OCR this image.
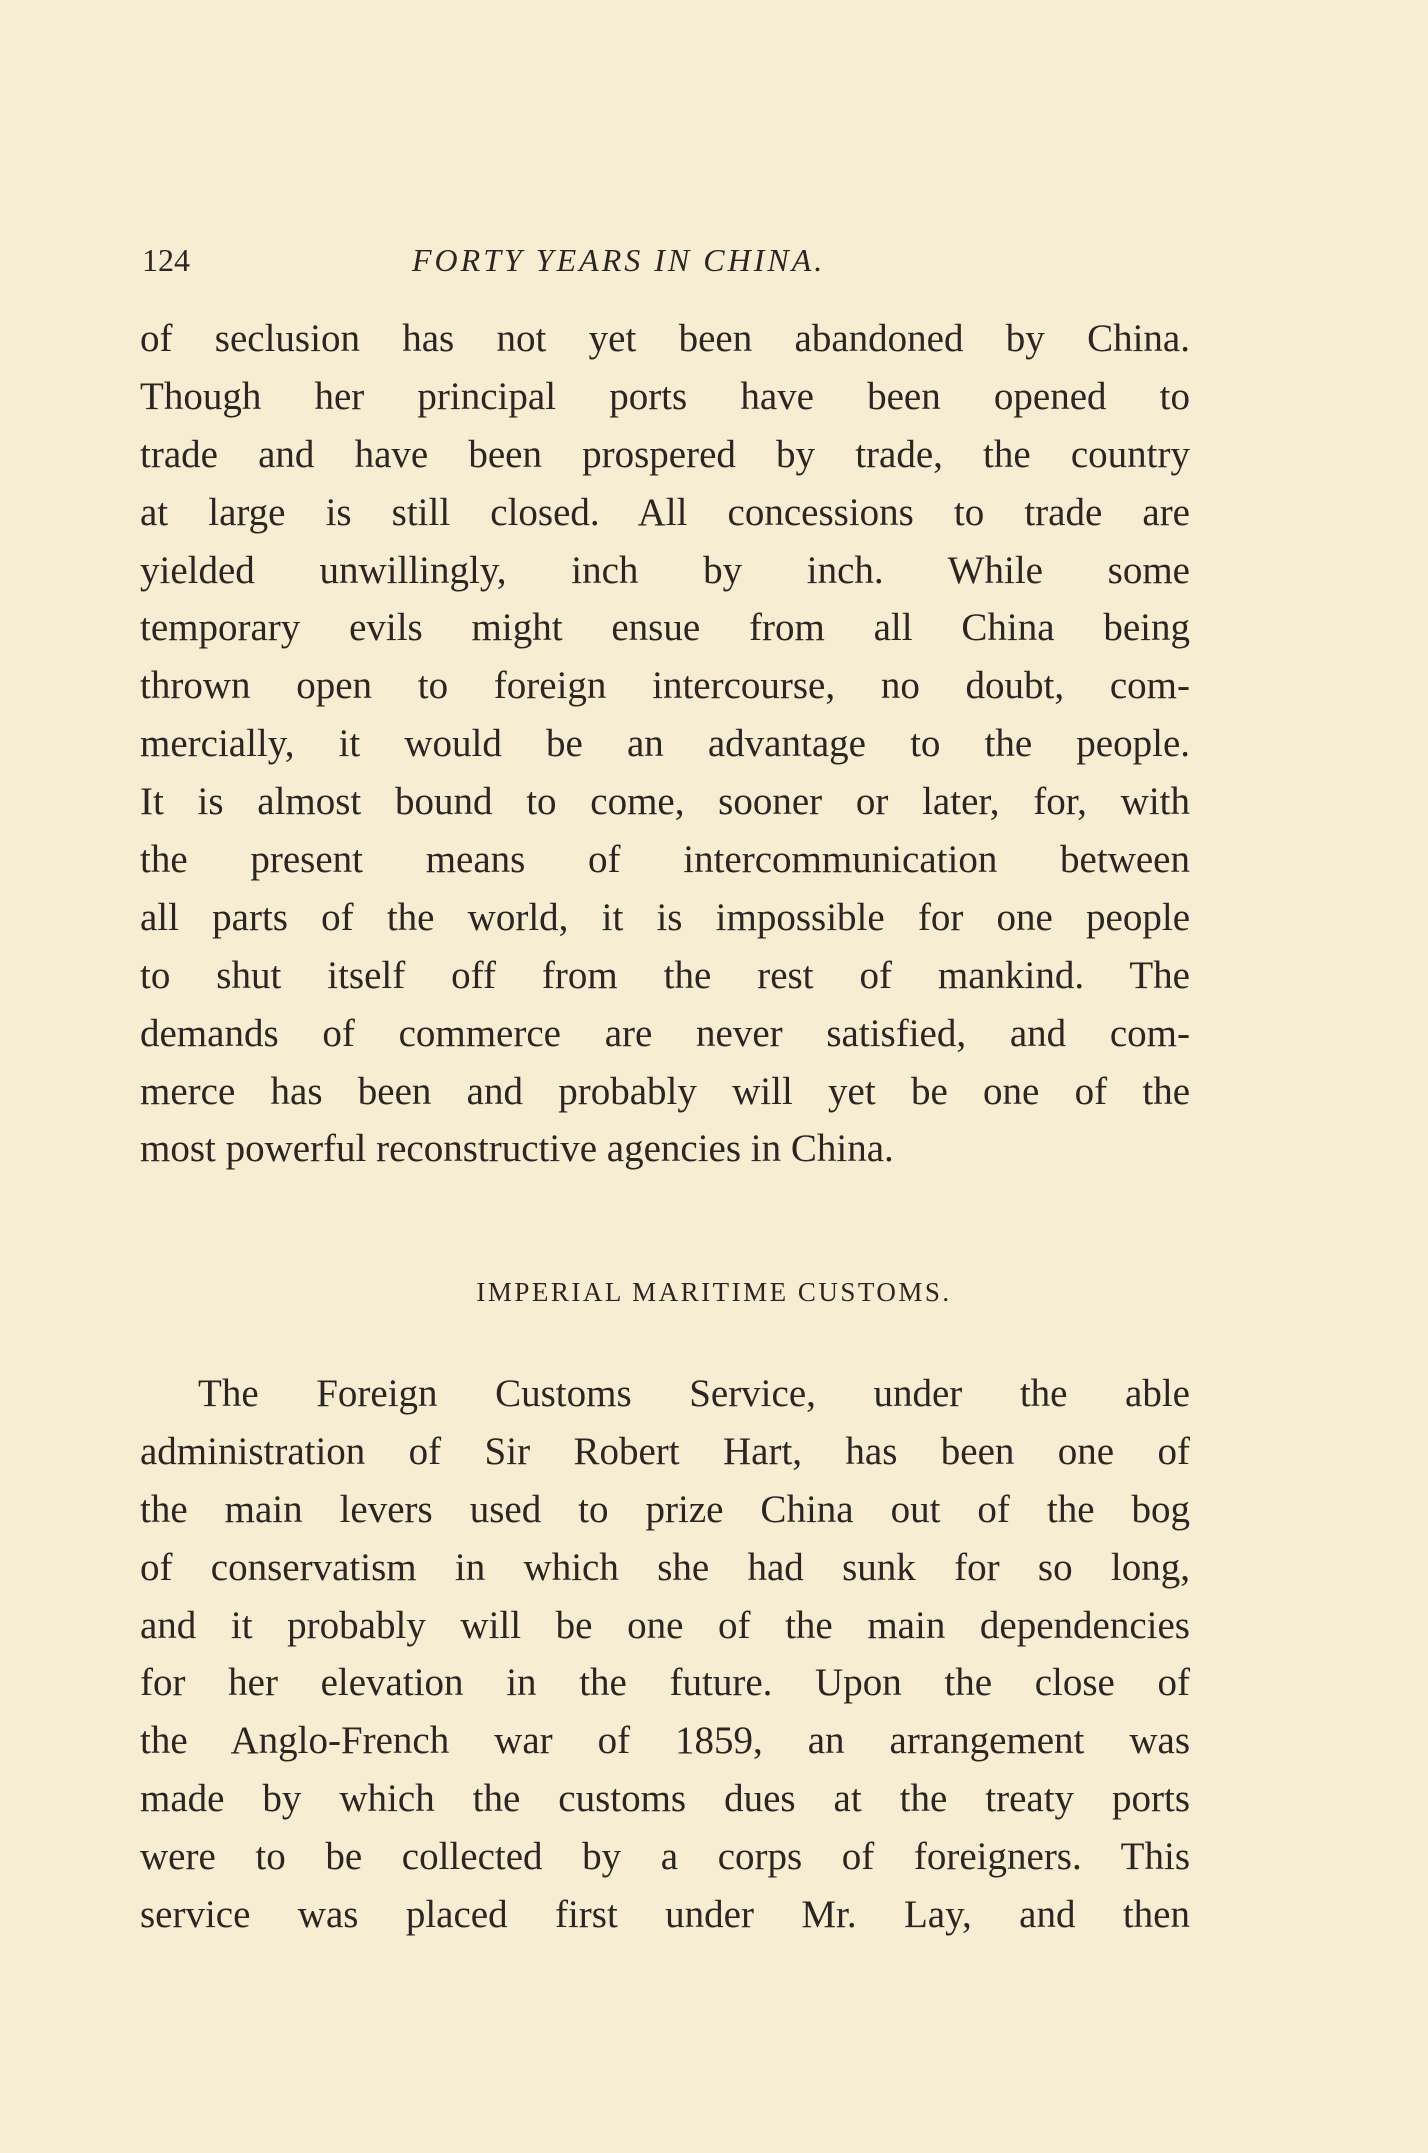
124	FORTY YEARS IN CHINA.

of seclusion has not yet been abandoned by China.
Though her principal ports have been opened to
trade and have been prospered by trade, the country
at large is still closed. All concessions to trade are
yielded unwillingly, inch by inch. While some
temporary evils might ensue from all China being
thrown open to foreign intercourse, no doubt, com-
mercially, it would be an advantage to the people.
It is almost bound to come, sooner or later, for, with
the present means of intercommunication between
all parts of the world, it is impossible for one people
to shut itself off from the rest of mankind. The
demands of commerce are never satisfied, and com-
merce has been and probably will yet be one of the
most powerful reconstructive agencies in China.

IMPERIAL MARITIME CUSTOMS.

The Foreign Customs Service, under the able
administration of Sir Robert Hart, has been one of
the main levers used to prize China out of the bog
of conservatism in which she had sunk for so long,
and it probably will be one of the main dependencies
for her elevation in the future. Upon the close of
the Anglo-French war of 1859, an arrangement was
made by which the customs dues at the treaty ports
were to be collected by a corps of foreigners. This
service was placed first under Mr. Lay, and then
